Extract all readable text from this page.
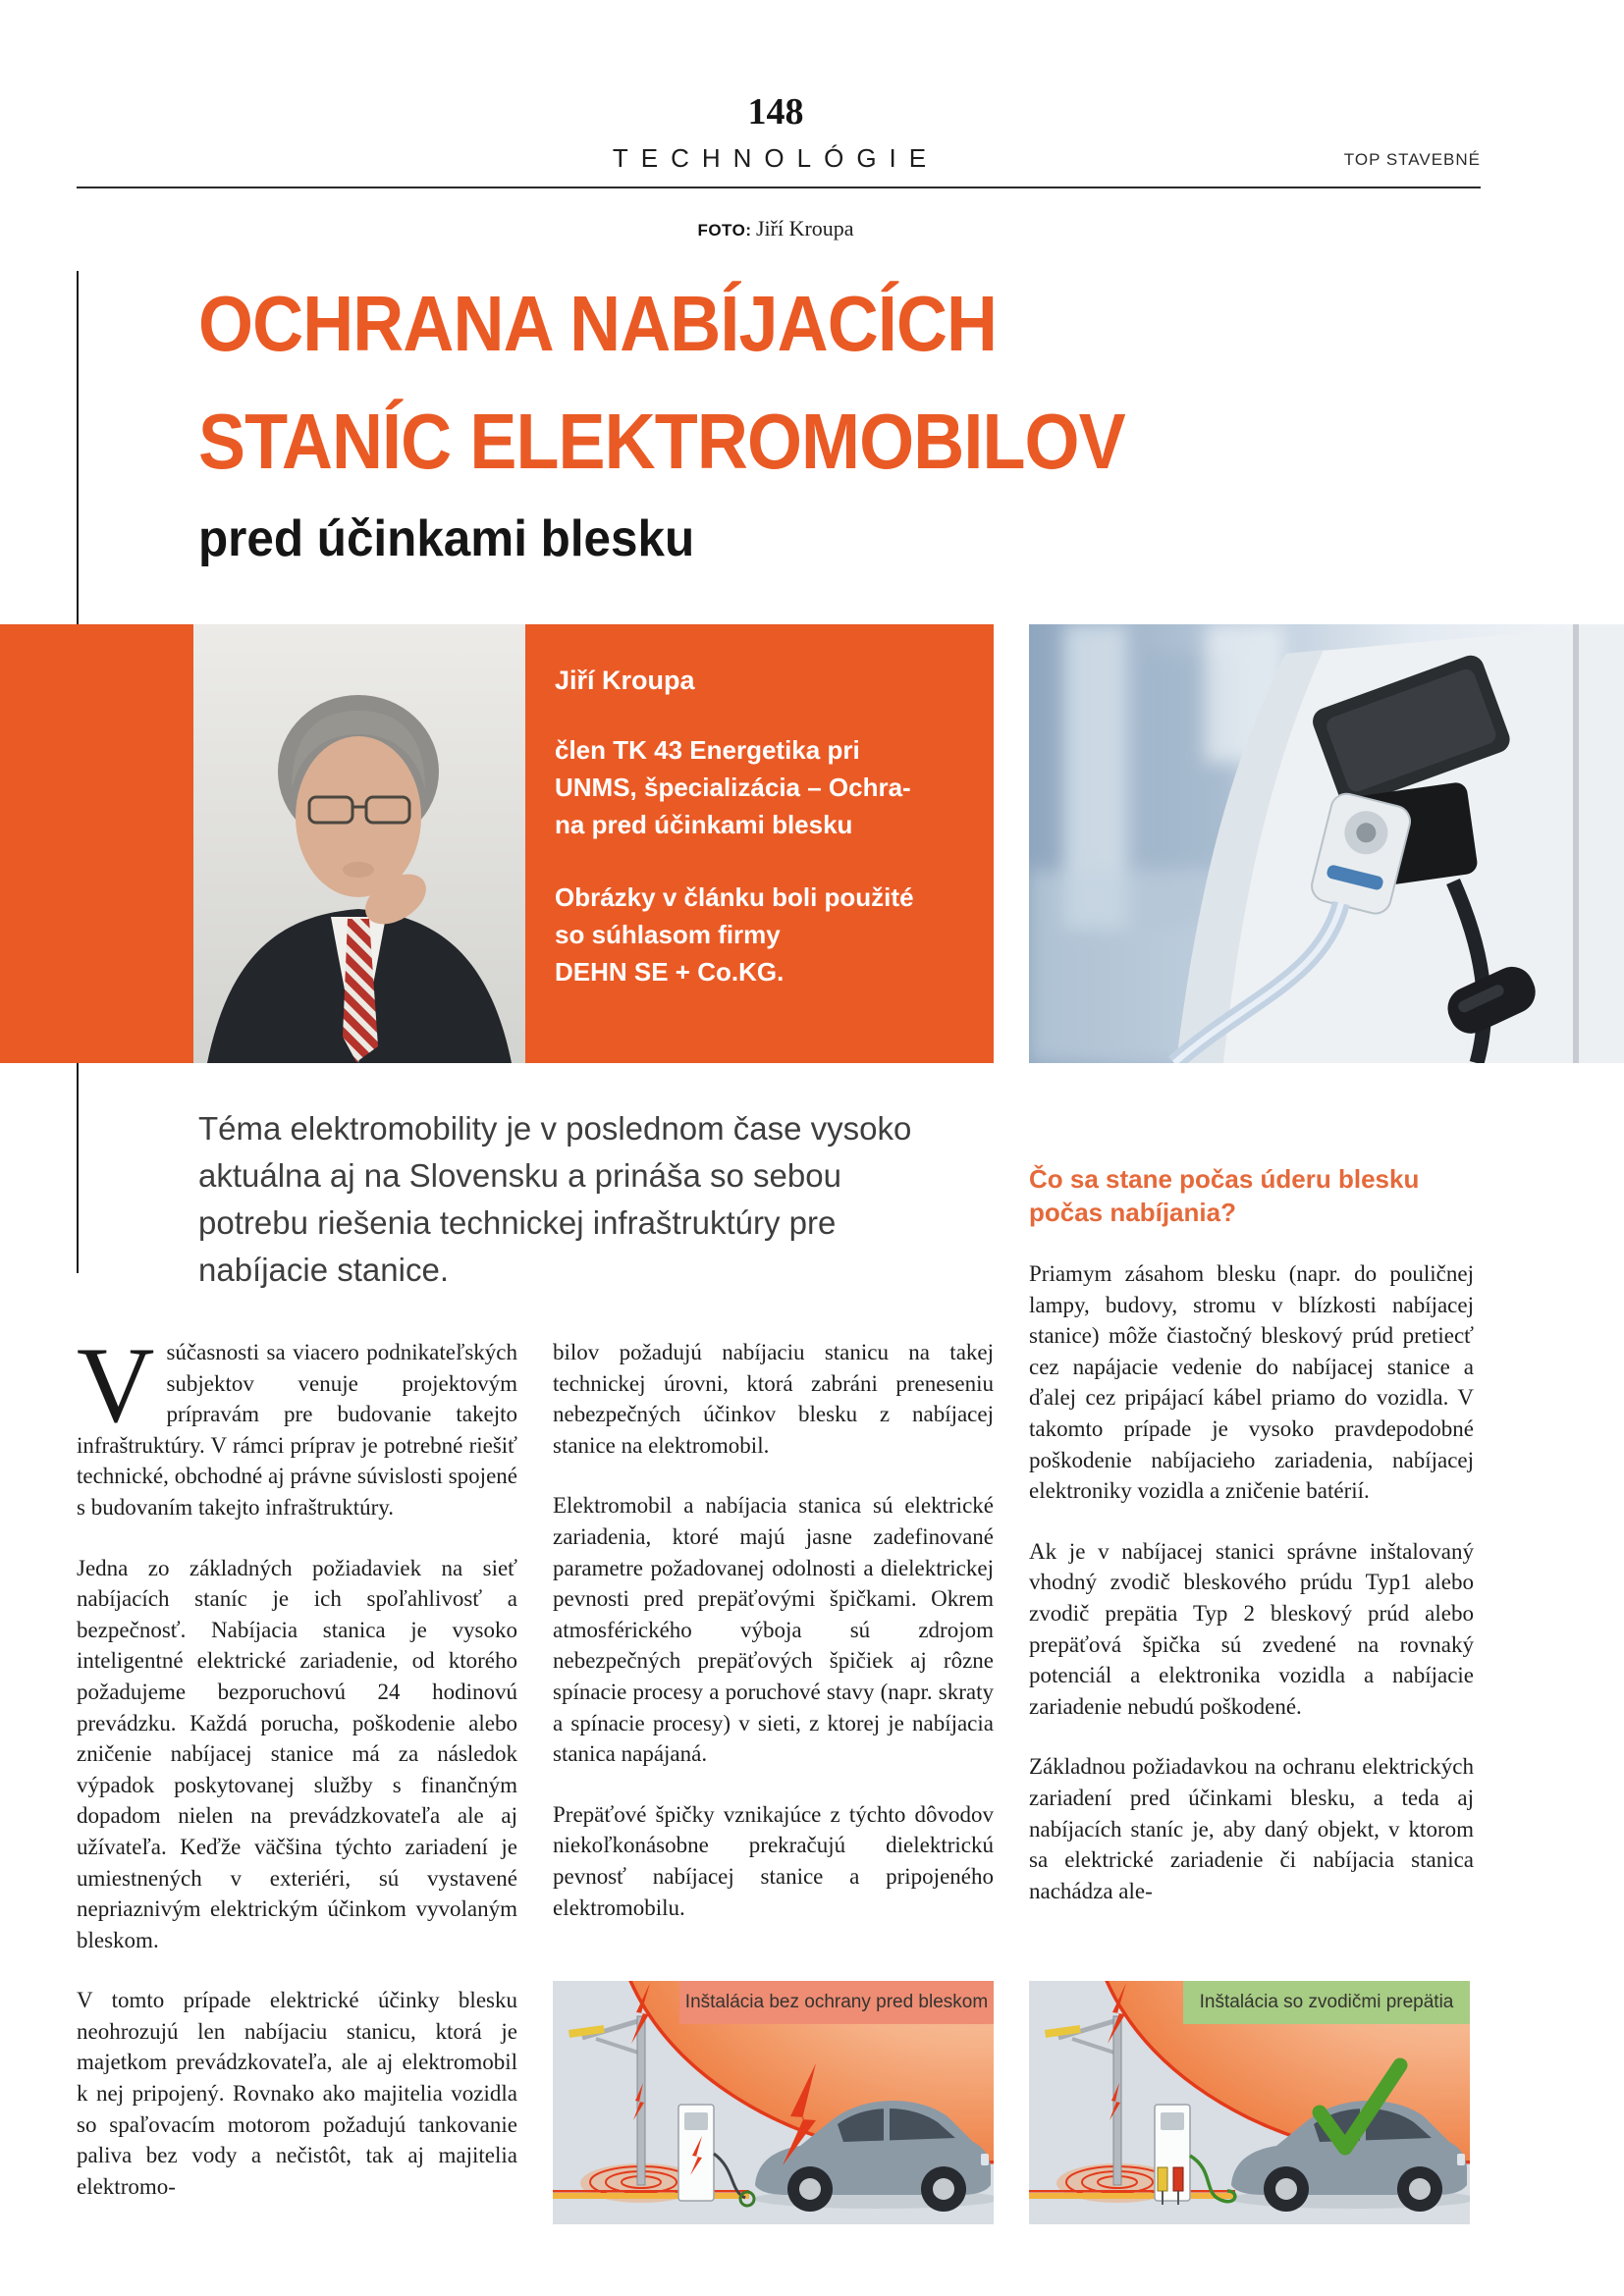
148
TECHNOLÓGIE	TOP STAVEBNÉ
FOTO: Jiří Kroupa
OCHRANA NABÍJACÍCH
STANÍC ELEKTROMOBILOV
pred účinkami blesku
Jiří Kroupa
člen TK 43 Energetika pri
UNMS, špecializácia – Ochra-
na pred účinkami blesku
Obrázky v článku boli použité
so súhlasom firmy
DEHN SE + Co.KG.
Téma elektromobility je v poslednom čase vysoko aktuálna aj na Slovensku a prináša so sebou potrebu riešenia technickej infraštruktúry pre nabíjacie stanice.

Vsúčasnosti sa viacero podnikateľských subjektov venuje projektovým prípravám pre budovanie takejto infraštruktúry. V rámci príprav je potrebné riešiť technické, obchodné aj právne súvislosti spojené s budovaním takejto infraštruktúry.

Jedna zo základných požiadaviek na sieť nabíjacích staníc je ich spoľahlivosť a bezpečnosť. Nabíjacia stanica je vysoko inteligentné elektrické zariadenie, od ktorého požadujeme bezporuchovú 24 hodinovú prevádzku. Každá porucha, poškodenie alebo zničenie nabíjacej stanice má za následok výpadok poskytovanej služby s finančným dopadom nielen na prevádzkovateľa ale aj užívateľa. Keďže väčšina týchto zariadení je umiestnených v exteriéri, sú vystavené nepriaznivým elektrickým účinkom vyvolaným bleskom.

V tomto prípade elektrické účinky blesku neohrozujú len nabíjaciu stanicu, ktorá je majetkom prevádzkovateľa, ale aj elektromobil k nej pripojený. Rovnako ako majitelia vozidla so spaľovacím motorom požadujú tankovanie paliva bez vody a nečistôt, tak aj majitelia elektromo-

bilov požadujú nabíjaciu stanicu na takej technickej úrovni, ktorá zabráni preneseniu nebezpečných účinkov blesku z nabíjacej stanice na elektromobil.

Elektromobil a nabíjacia stanica sú elektrické zariadenia, ktoré majú jasne zadefinované parametre požadovanej odolnosti a dielektrickej pevnosti pred prepäťovými špičkami. Okrem atmosférického výboja sú zdrojom nebezpečných prepäťových špičiek aj rôzne spínacie procesy a poruchové stavy (napr. skraty a spínacie procesy) v sieti, z ktorej je nabíjacia stanica napájaná.

Prepäťové špičky vznikajúce z týchto dôvodov niekoľkonásobne prekračujú dielektrickú pevnosť nabíjacej stanice a pripojeného elektromobilu.

Čo sa stane počas úderu blesku počas nabíjania?

Priamym zásahom blesku (napr. do pouličnej lampy, budovy, stromu v blízkosti nabíjacej stanice) môže čiastočný bleskový prúd pretiecť cez napájacie vedenie do nabíjacej stanice a ďalej cez pripájací kábel priamo do vozidla. V takomto prípade je vysoko pravdepodobné poškodenie nabíjacieho zariadenia, nabíjacej elektroniky vozidla a zničenie batérií.

Ak je v nabíjacej stanici správne inštalovaný vhodný zvodič bleskového prúdu Typ1 alebo zvodič prepätia Typ 2 bleskový prúd alebo prepäťová špička sú zvedené na rovnaký potenciál a elektronika vozidla a nabíjacie zariadenie nebudú poškodené.

Základnou požiadavkou na ochranu elektrických zariadení pred účinkami blesku, a teda aj nabíjacích staníc je, aby daný objekt, v ktorom sa elektrické zariadenie či nabíjacia stanica nachádza ale-

Inštalácia bez ochrany pred bleskom	Inštalácia so zvodičmi prepätia
